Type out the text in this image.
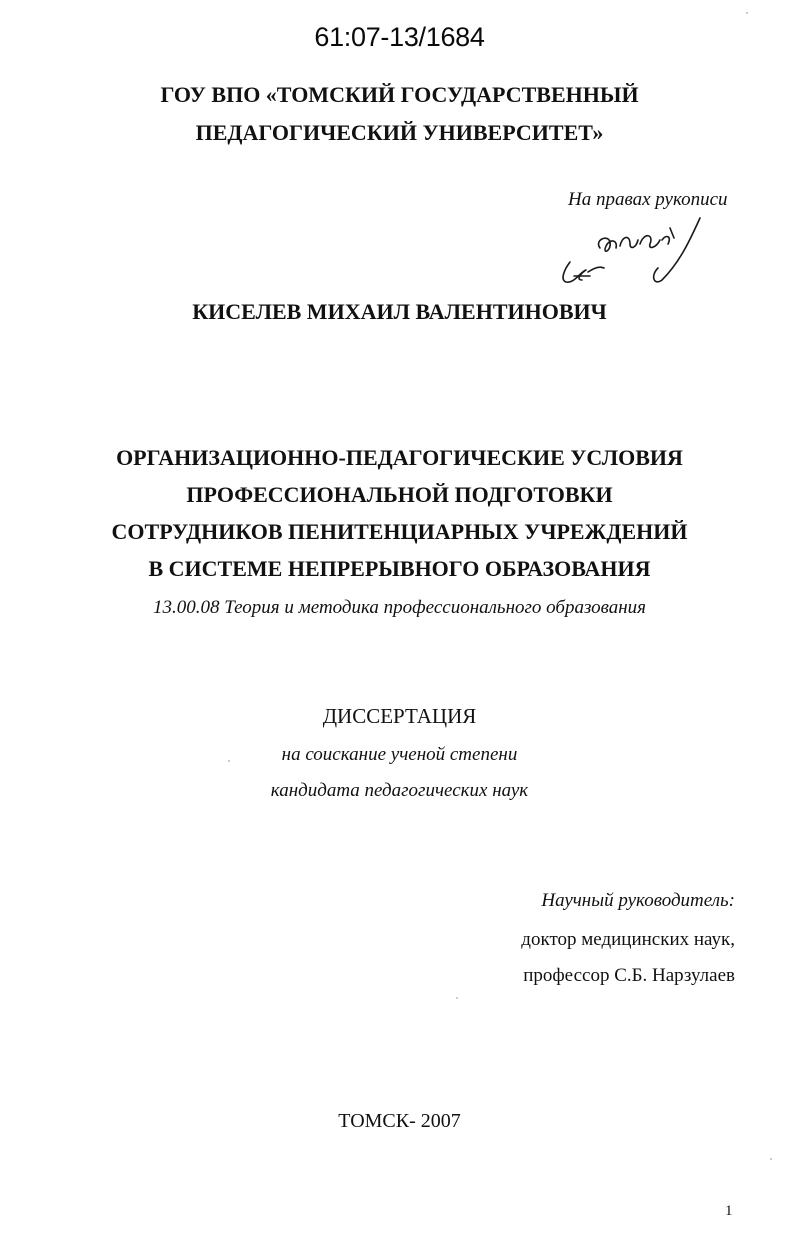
61:07-13/1684
ГОУ ВПО «ТОМСКИЙ ГОСУДАРСТВЕННЫЙ
ПЕДАГОГИЧЕСКИЙ УНИВЕРСИТЕТ»
На правах рукописи
КИСЕЛЕВ МИХАИЛ ВАЛЕНТИНОВИЧ
ОРГАНИЗАЦИОННО-ПЕДАГОГИЧЕСКИЕ УСЛОВИЯ
ПРОФЕССИОНАЛЬНОЙ ПОДГОТОВКИ
СОТРУДНИКОВ ПЕНИТЕНЦИАРНЫХ УЧРЕЖДЕНИЙ
В СИСТЕМЕ НЕПРЕРЫВНОГО ОБРАЗОВАНИЯ
13.00.08 Теория и методика профессионального образования
ДИССЕРТАЦИЯ
на соискание ученой степени
кандидата педагогических наук
Научный руководитель:
доктор медицинских наук,
профессор С.Б. Нарзулаев
ТОМСК- 2007
1
